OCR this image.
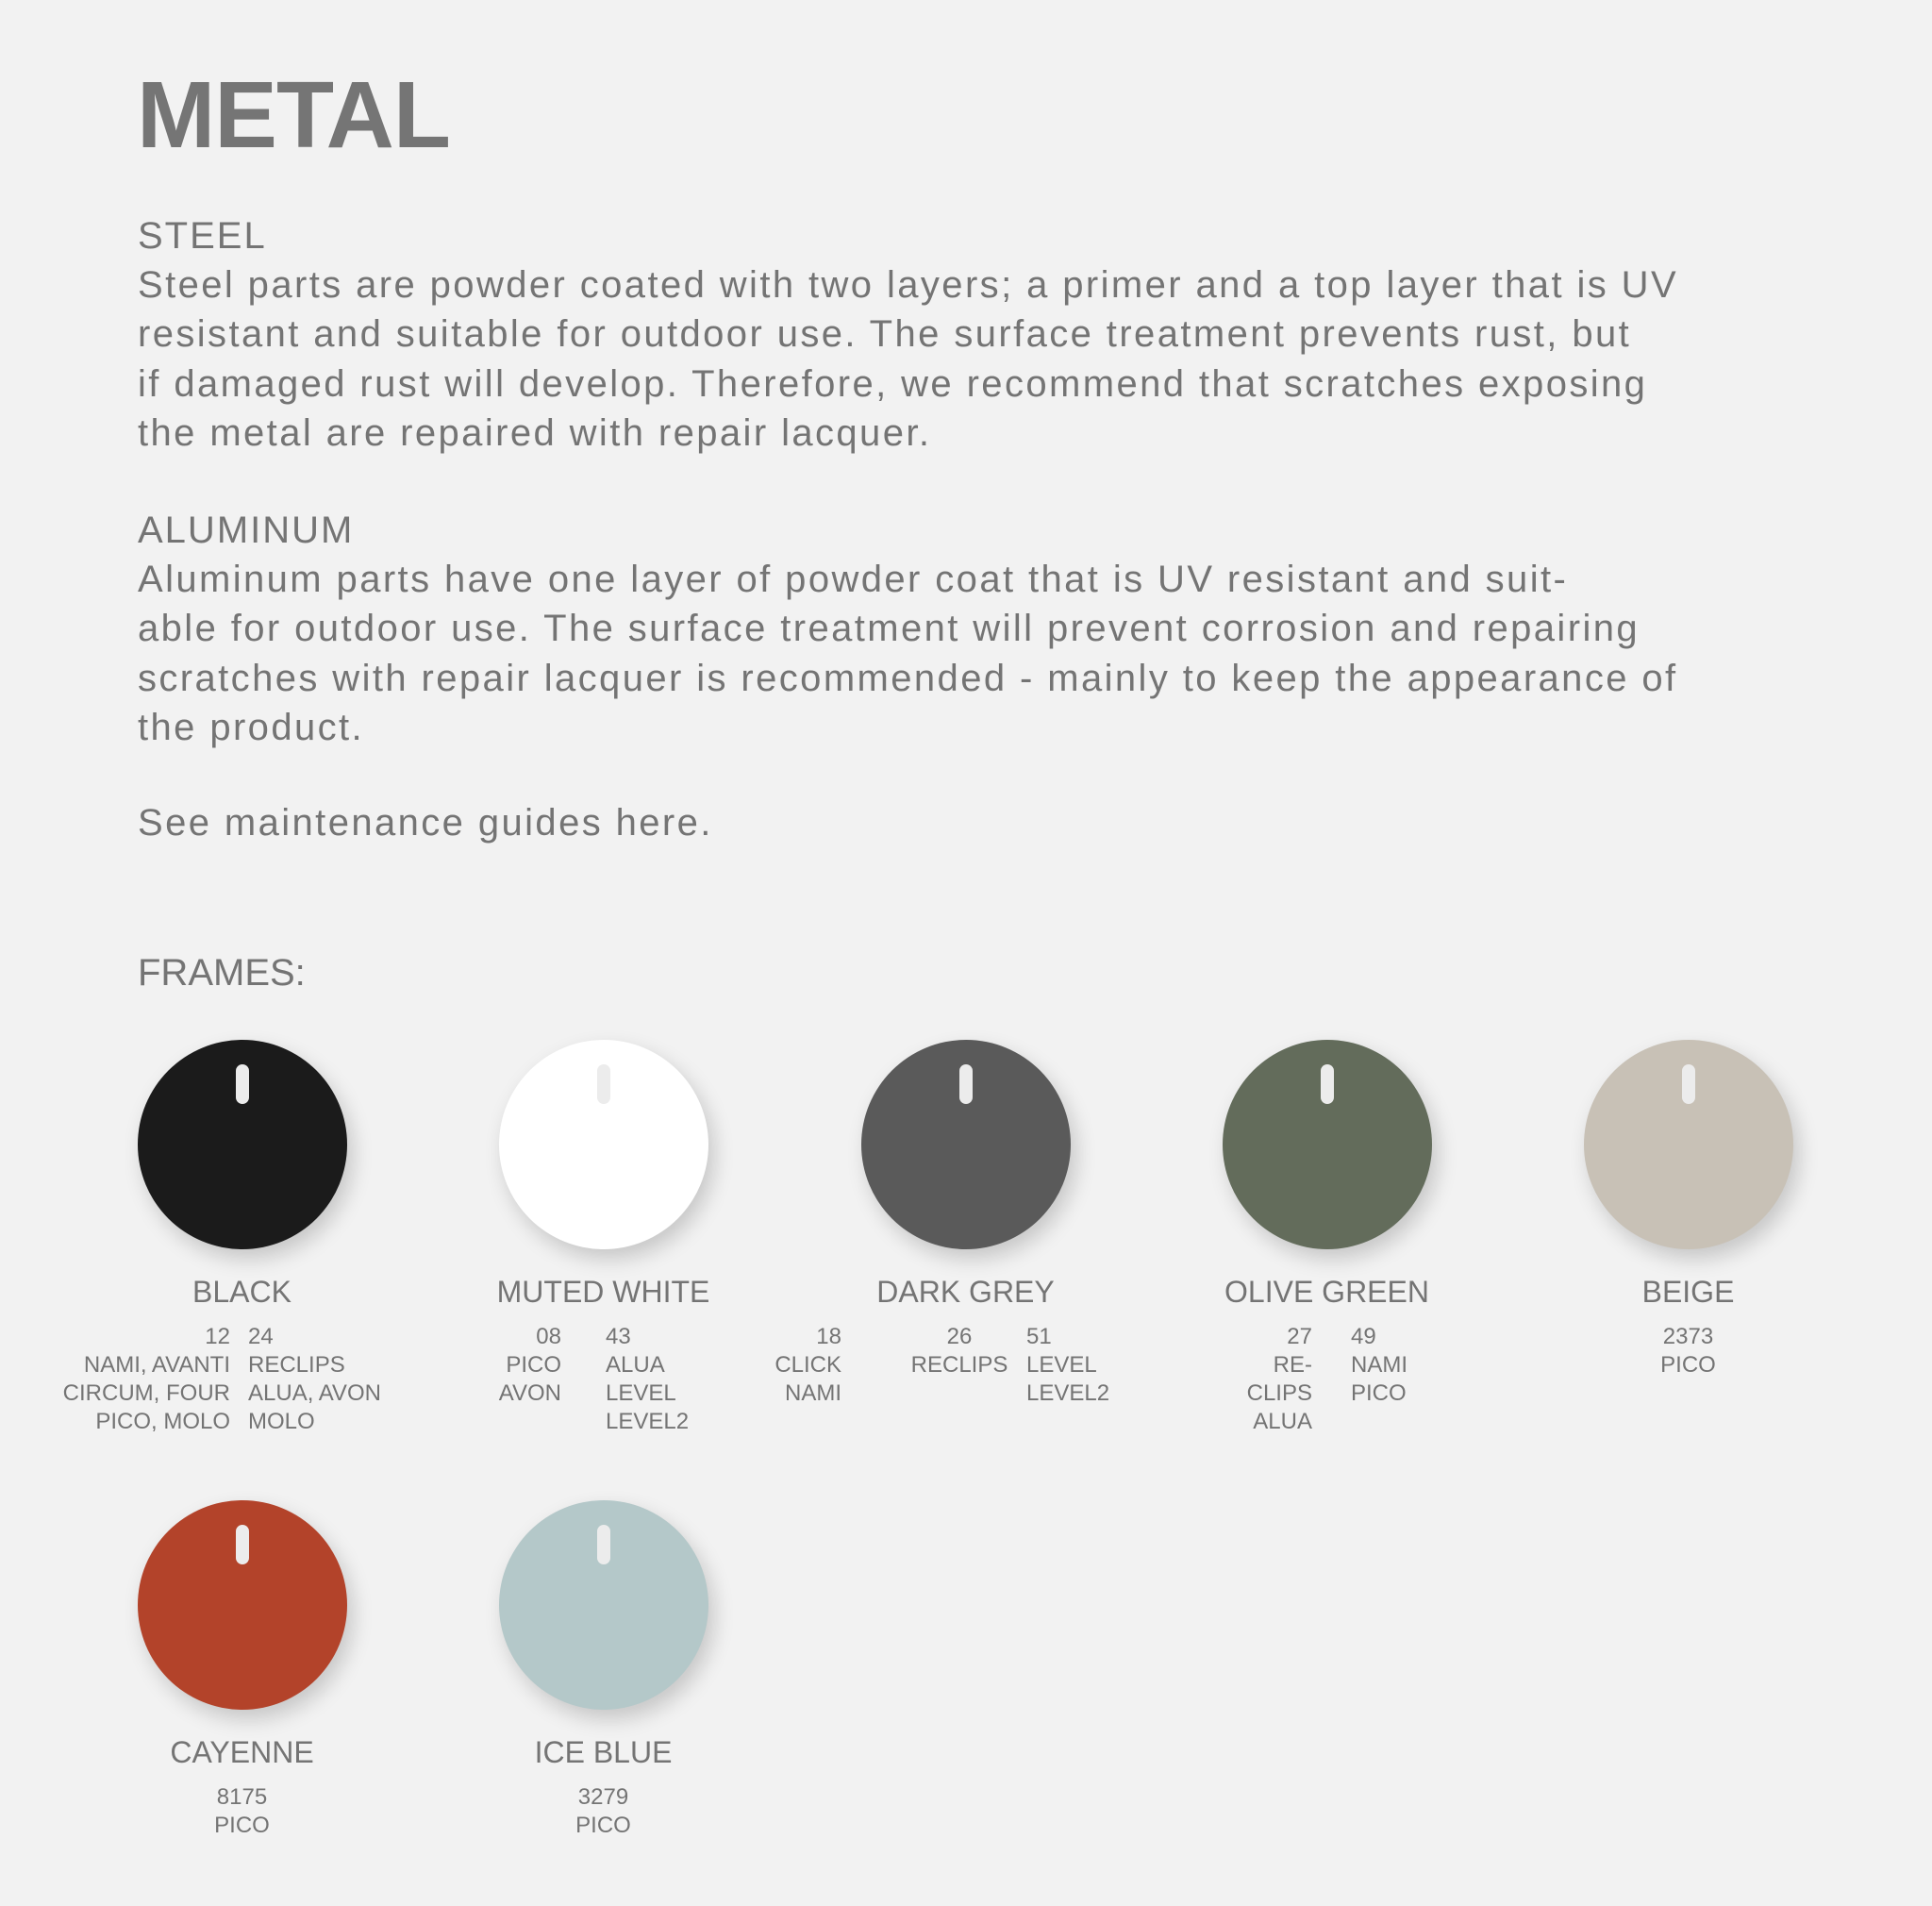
METAL

STEEL

Steel parts are powder coated with two layers; a primer and a top layer that is UV
resistant and suitable for outdoor use. The surface treatment prevents rust, but
if damaged rust will develop. Therefore, we recommend that scratches exposing
the metal are repaired with repair lacquer.

ALUMINUM

Aluminum parts have one layer of powder coat that is UV resistant and suit-
able for outdoor use. The surface treatment will prevent corrosion and repairing
scratches with repair lacquer is recommended - mainly to keep the appearance of
the product.

See maintenance guides here.

FRAMES:

BLACK

12
NAMI, AVANTI
CIRCUM, FOUR
PICO, MOLO
24
RECLIPS
ALUA, AVON
MOLO

MUTED WHITE

08
PICO
AVON
43
ALUA
LEVEL
LEVEL2

DARK GREY

18
CLICK
NAMI
26
RECLIPS
51
LEVEL
LEVEL2

OLIVE GREEN

27
RE-
CLIPS
ALUA
49
NAMI
PICO

BEIGE

2373
PICO

CAYENNE

8175
PICO

ICE BLUE

3279
PICO
